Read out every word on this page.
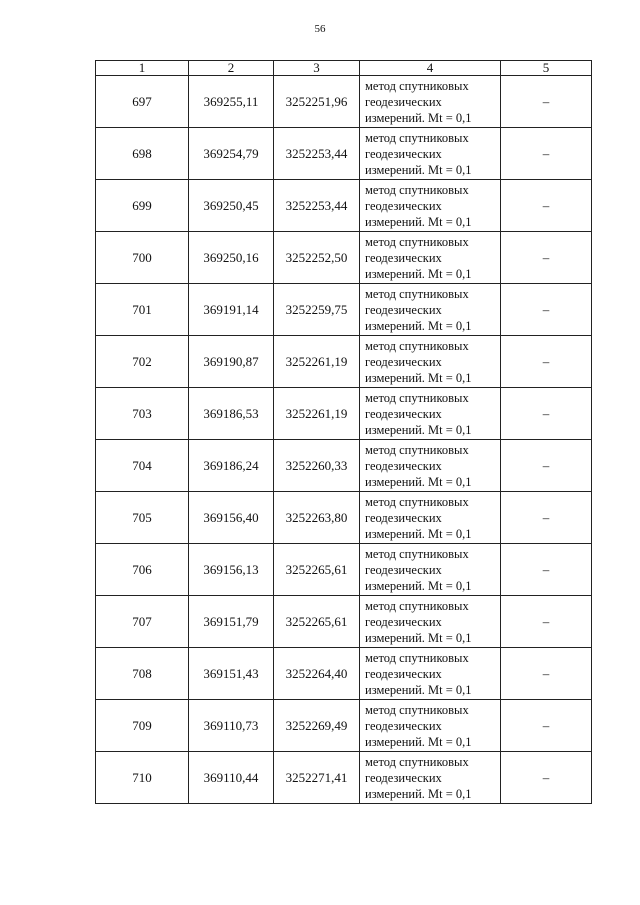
56
1	2	3	4	5
697	369255,11	3252251,96	метод спутниковых
геодезических
измерений. Mt = 0,1	–
698	369254,79	3252253,44	метод спутниковых
геодезических
измерений. Mt = 0,1	–
699	369250,45	3252253,44	метод спутниковых
геодезических
измерений. Mt = 0,1	–
700	369250,16	3252252,50	метод спутниковых
геодезических
измерений. Mt = 0,1	–
701	369191,14	3252259,75	метод спутниковых
геодезических
измерений. Mt = 0,1	–
702	369190,87	3252261,19	метод спутниковых
геодезических
измерений. Mt = 0,1	–
703	369186,53	3252261,19	метод спутниковых
геодезических
измерений. Mt = 0,1	–
704	369186,24	3252260,33	метод спутниковых
геодезических
измерений. Mt = 0,1	–
705	369156,40	3252263,80	метод спутниковых
геодезических
измерений. Mt = 0,1	–
706	369156,13	3252265,61	метод спутниковых
геодезических
измерений. Mt = 0,1	–
707	369151,79	3252265,61	метод спутниковых
геодезических
измерений. Mt = 0,1	–
708	369151,43	3252264,40	метод спутниковых
геодезических
измерений. Mt = 0,1	–
709	369110,73	3252269,49	метод спутниковых
геодезических
измерений. Mt = 0,1	–
710	369110,44	3252271,41	метод спутниковых
геодезических
измерений. Mt = 0,1	–
